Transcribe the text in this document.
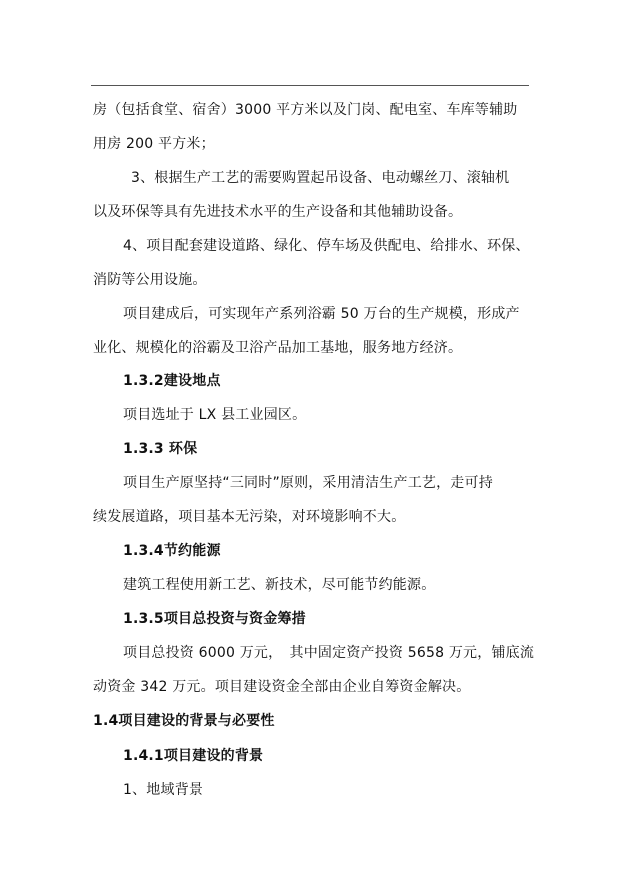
房（包括食堂、宿舍）3000 平方米以及门岗、配电室、车库等辅助
用房 200 平方米；
3、根据生产工艺的需要购置起吊设备、电动螺丝刀、滚轴机
以及环保等具有先进技术水平的生产设备和其他辅助设备。
4、项目配套建设道路、绿化、停车场及供配电、给排水、环保、
消防等公用设施。
项目建成后，可实现年产系列浴霸 50 万台的生产规模，形成产
业化、规模化的浴霸及卫浴产品加工基地，服务地方经济。
1.3.2建设地点
项目选址于 LX 县工业园区。
1.3.3 环保
项目生产原坚持“三同时”原则，采用清洁生产工艺，走可持
续发展道路，项目基本无污染，对环境影响不大。
1.3.4节约能源
建筑工程使用新工艺、新技术，尽可能节约能源。
1.3.5项目总投资与资金筹措
项目总投资 6000 万元，　其中固定资产投资 5658 万元，铺底流
动资金 342 万元。项目建设资金全部由企业自筹资金解决。
1.4项目建设的背景与必要性
1.4.1项目建设的背景
1、地域背景
